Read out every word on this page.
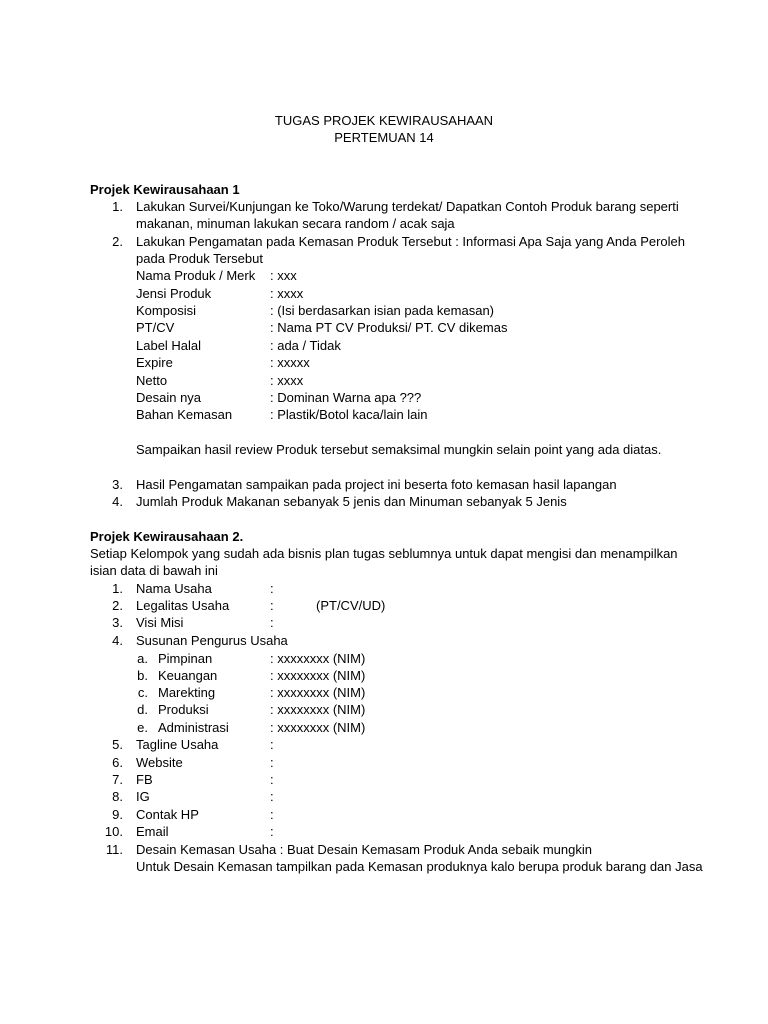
TUGAS PROJEK KEWIRAUSAHAAN
PERTEMUAN 14
Projek Kewirausahaan 1
1. Lakukan Survei/Kunjungan ke Toko/Warung terdekat/ Dapatkan Contoh Produk barang seperti
makanan, minuman lakukan secara random / acak saja
2. Lakukan Pengamatan pada Kemasan Produk Tersebut : Informasi Apa Saja yang Anda Peroleh
pada Produk Tersebut
Nama Produk / Merk : xxx
Jensi Produk	: xxxx
Komposisi	: (Isi berdasarkan isian pada kemasan)
PT/CV	: Nama PT CV Produksi/ PT. CV dikemas
Label Halal	: ada / Tidak
Expire	: xxxxx
Netto	: xxxx
Desain nya	: Dominan Warna apa ???
Bahan Kemasan	: Plastik/Botol kaca/lain lain
Sampaikan hasil review Produk tersebut semaksimal mungkin selain point yang ada diatas.
3. Hasil Pengamatan sampaikan pada project ini beserta foto kemasan hasil lapangan
4. Jumlah Produk Makanan sebanyak 5 jenis dan Minuman sebanyak 5 Jenis
Projek Kewirausahaan 2.
Setiap Kelompok yang sudah ada bisnis plan tugas seblumnya untuk dapat mengisi dan menampilkan
isian data di bawah ini
1. Nama Usaha	:
2. Legalitas Usaha	:	(PT/CV/UD)
3. Visi Misi	:
4. Susunan Pengurus Usaha
a. Pimpinan	: xxxxxxxx (NIM)
b. Keuangan	: xxxxxxxx (NIM)
c. Marekting	: xxxxxxxx (NIM)
d. Produksi	: xxxxxxxx (NIM)
e. Administrasi	: xxxxxxxx (NIM)
5. Tagline Usaha	:
6. Website	:
7. FB	:
8. IG	:
9. Contak HP	:
10. Email	:
11. Desain Kemasan Usaha : Buat Desain Kemasam Produk Anda sebaik mungkin
Untuk Desain Kemasan tampilkan pada Kemasan produknya kalo berupa produk barang dan Jasa
